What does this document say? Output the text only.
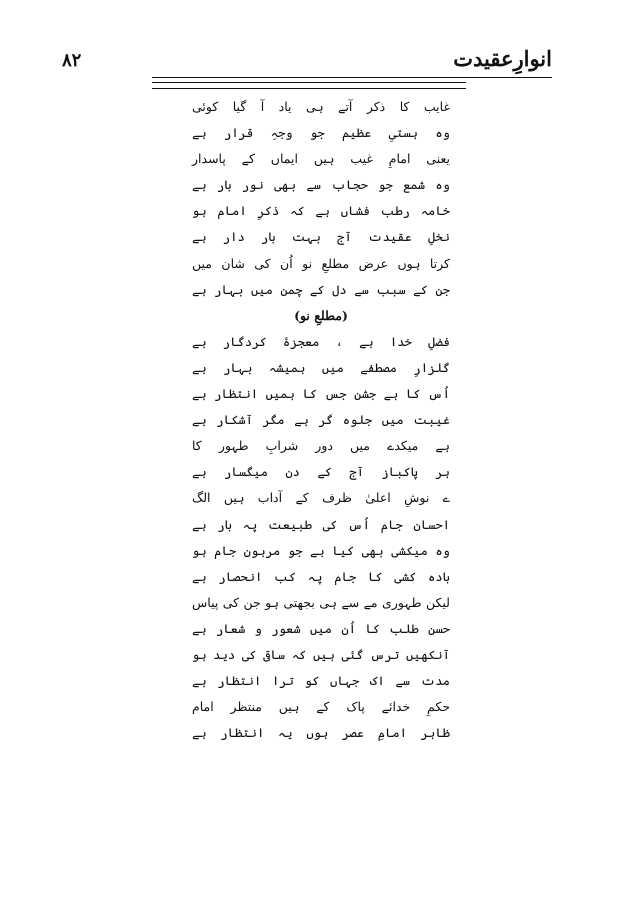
انوارِعقیدت
۸۲
غایب کا ذکر آتے ہی یاد آ گیا کوئی
وہ ہستیِ عظیم جو وجہِ قرار ہے
یعنی امامِ غیب ہیں ایماں کے پاسدار
وہ شمع جو حجاب سے بھی نور بار ہے
خامہ رطب فشاں ہے کہ ذکرِ امام ہو
نخلِ عقیدت آج بہت بار دار ہے
کرتا ہوں عرض مطلعِ نو اُن کی شان میں
جن کے سبب سے دل کے چمن میں بہار ہے
(مطلعِ نو)
فضلِ خدا ہے ، معجزۂ کردگار ہے
گلزارِ مصطفٰے میں ہمیشہ بہار ہے
اُس کا ہے جشن جس کا ہمیں انتظار ہے
غیبت میں جلوہ گر ہے مگر آشکار ہے
ہے میکدے میں دور شرابِ طہور کا
ہر پاکباز آج کے دن میگسار ہے
ے نوشِ اعلیٰ ظرف کے آداب ہیں الگ
احسان جام اُس کی طبیعت پہ بار ہے
وہ میکشی بھی کیا ہے جو مرہونِ جام ہو
بادہ کشی کا جام پہ کب انحصار ہے
لیکن طہوری مے سے ہی بجھتی ہو جن کی پیاس
حسنِ طلب کا اُن میں شعور و شعار ہے
آنکھیں ترس گئی ہیں کہ ساقی کی دید ہو
مدت سے اک جہاں کو ترا انتظار ہے
حکمِ خدائے پاک کے ہیں منتظر امام
ظاہر امامِ عصر ہوں یہ انتظار ہے
